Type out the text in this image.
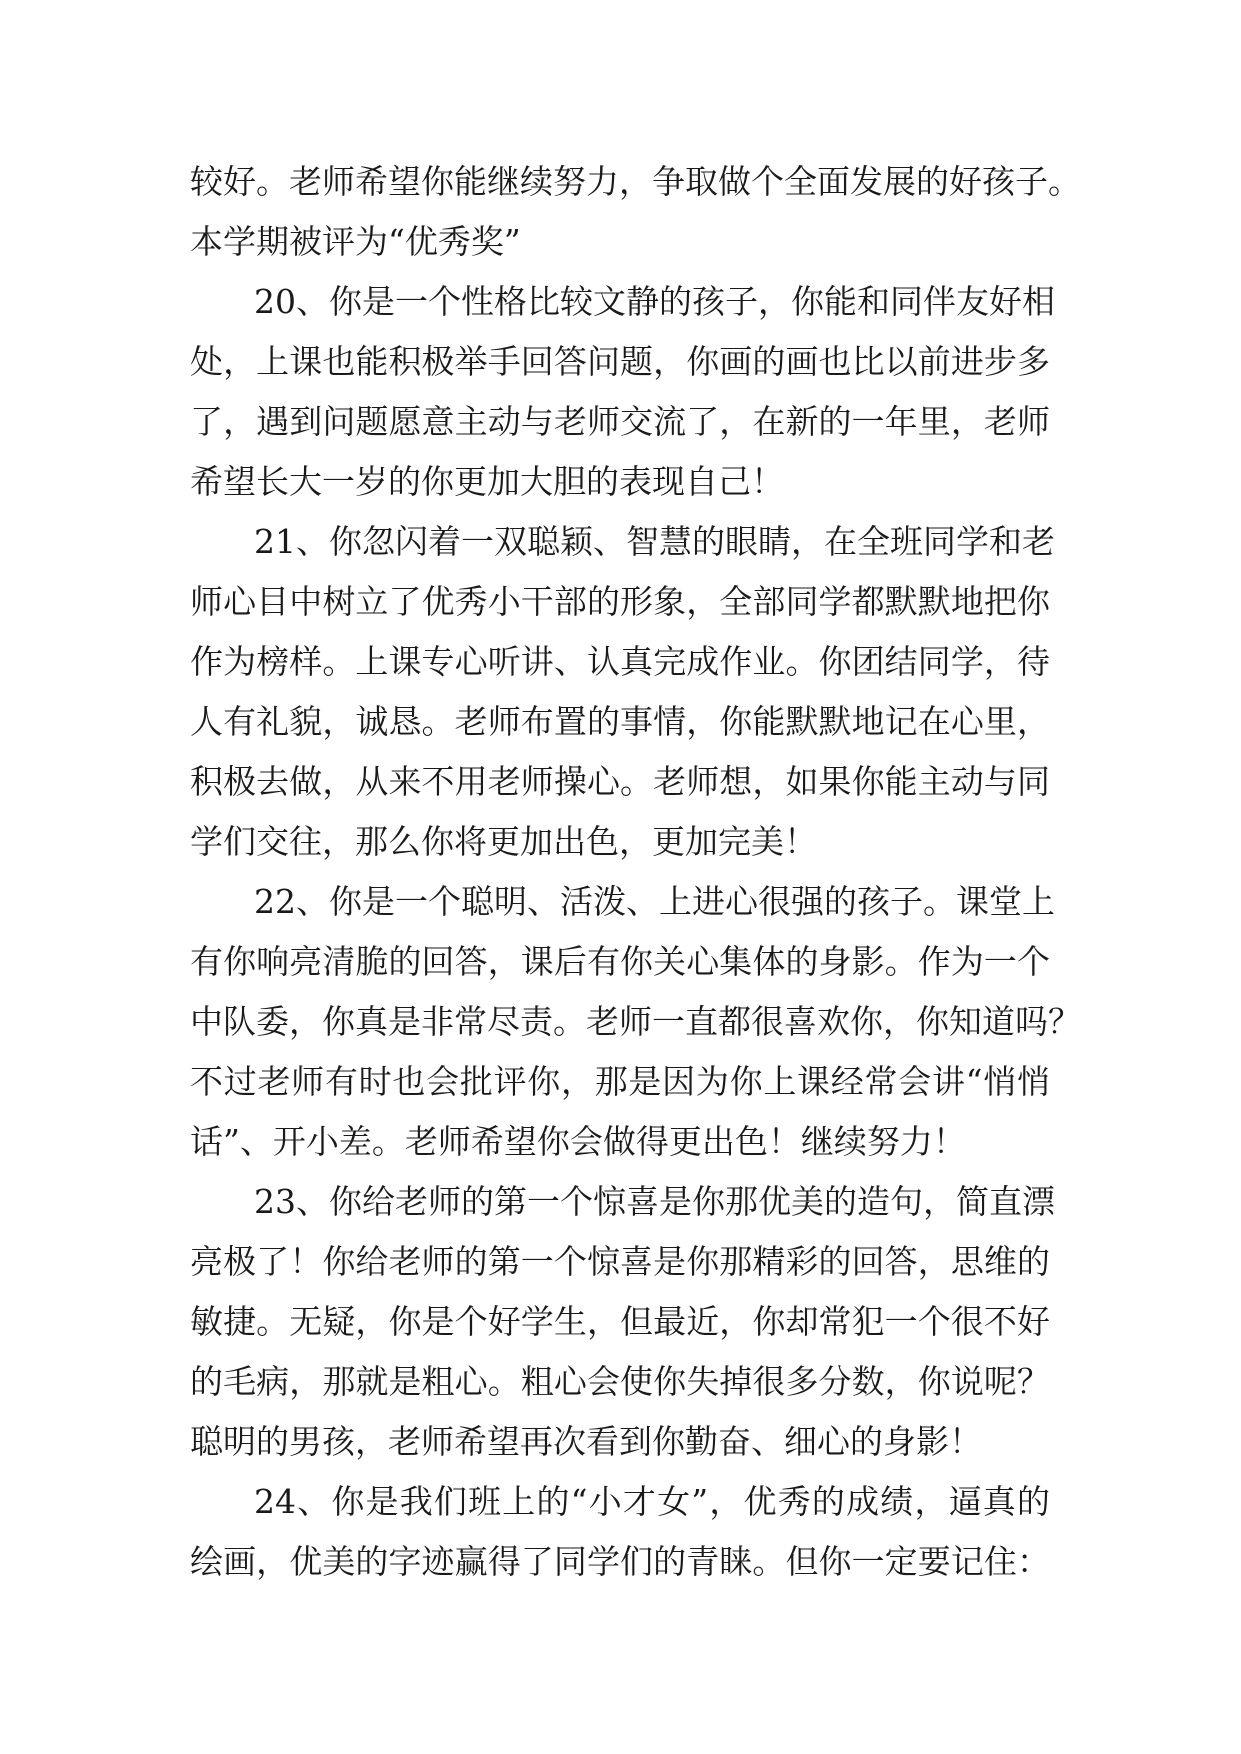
较好。老师希望你能继续努力，争取做个全面发展的好孩子。
本学期被评为“优秀奖”
20、你是一个性格比较文静的孩子，你能和同伴友好相
处，上课也能积极举手回答问题，你画的画也比以前进步多
了，遇到问题愿意主动与老师交流了，在新的一年里，老师
希望长大一岁的你更加大胆的表现自己！
21、你忽闪着一双聪颖、智慧的眼睛，在全班同学和老
师心目中树立了优秀小干部的形象，全部同学都默默地把你
作为榜样。上课专心听讲、认真完成作业。你团结同学，待
人有礼貌，诚恳。老师布置的事情，你能默默地记在心里，
积极去做，从来不用老师操心。老师想，如果你能主动与同
学们交往，那么你将更加出色，更加完美！
22、你是一个聪明、活泼、上进心很强的孩子。课堂上
有你响亮清脆的回答，课后有你关心集体的身影。作为一个
中队委，你真是非常尽责。老师一直都很喜欢你，你知道吗？
不过老师有时也会批评你，那是因为你上课经常会讲“悄悄
话”、开小差。老师希望你会做得更出色！继续努力！
23、你给老师的第一个惊喜是你那优美的造句，简直漂
亮极了！你给老师的第一个惊喜是你那精彩的回答，思维的
敏捷。无疑，你是个好学生，但最近，你却常犯一个很不好
的毛病，那就是粗心。粗心会使你失掉很多分数，你说呢？
聪明的男孩，老师希望再次看到你勤奋、细心的身影！
24、你是我们班上的“小才女”，优秀的成绩，逼真的
绘画，优美的字迹赢得了同学们的青睐。但你一定要记住：
